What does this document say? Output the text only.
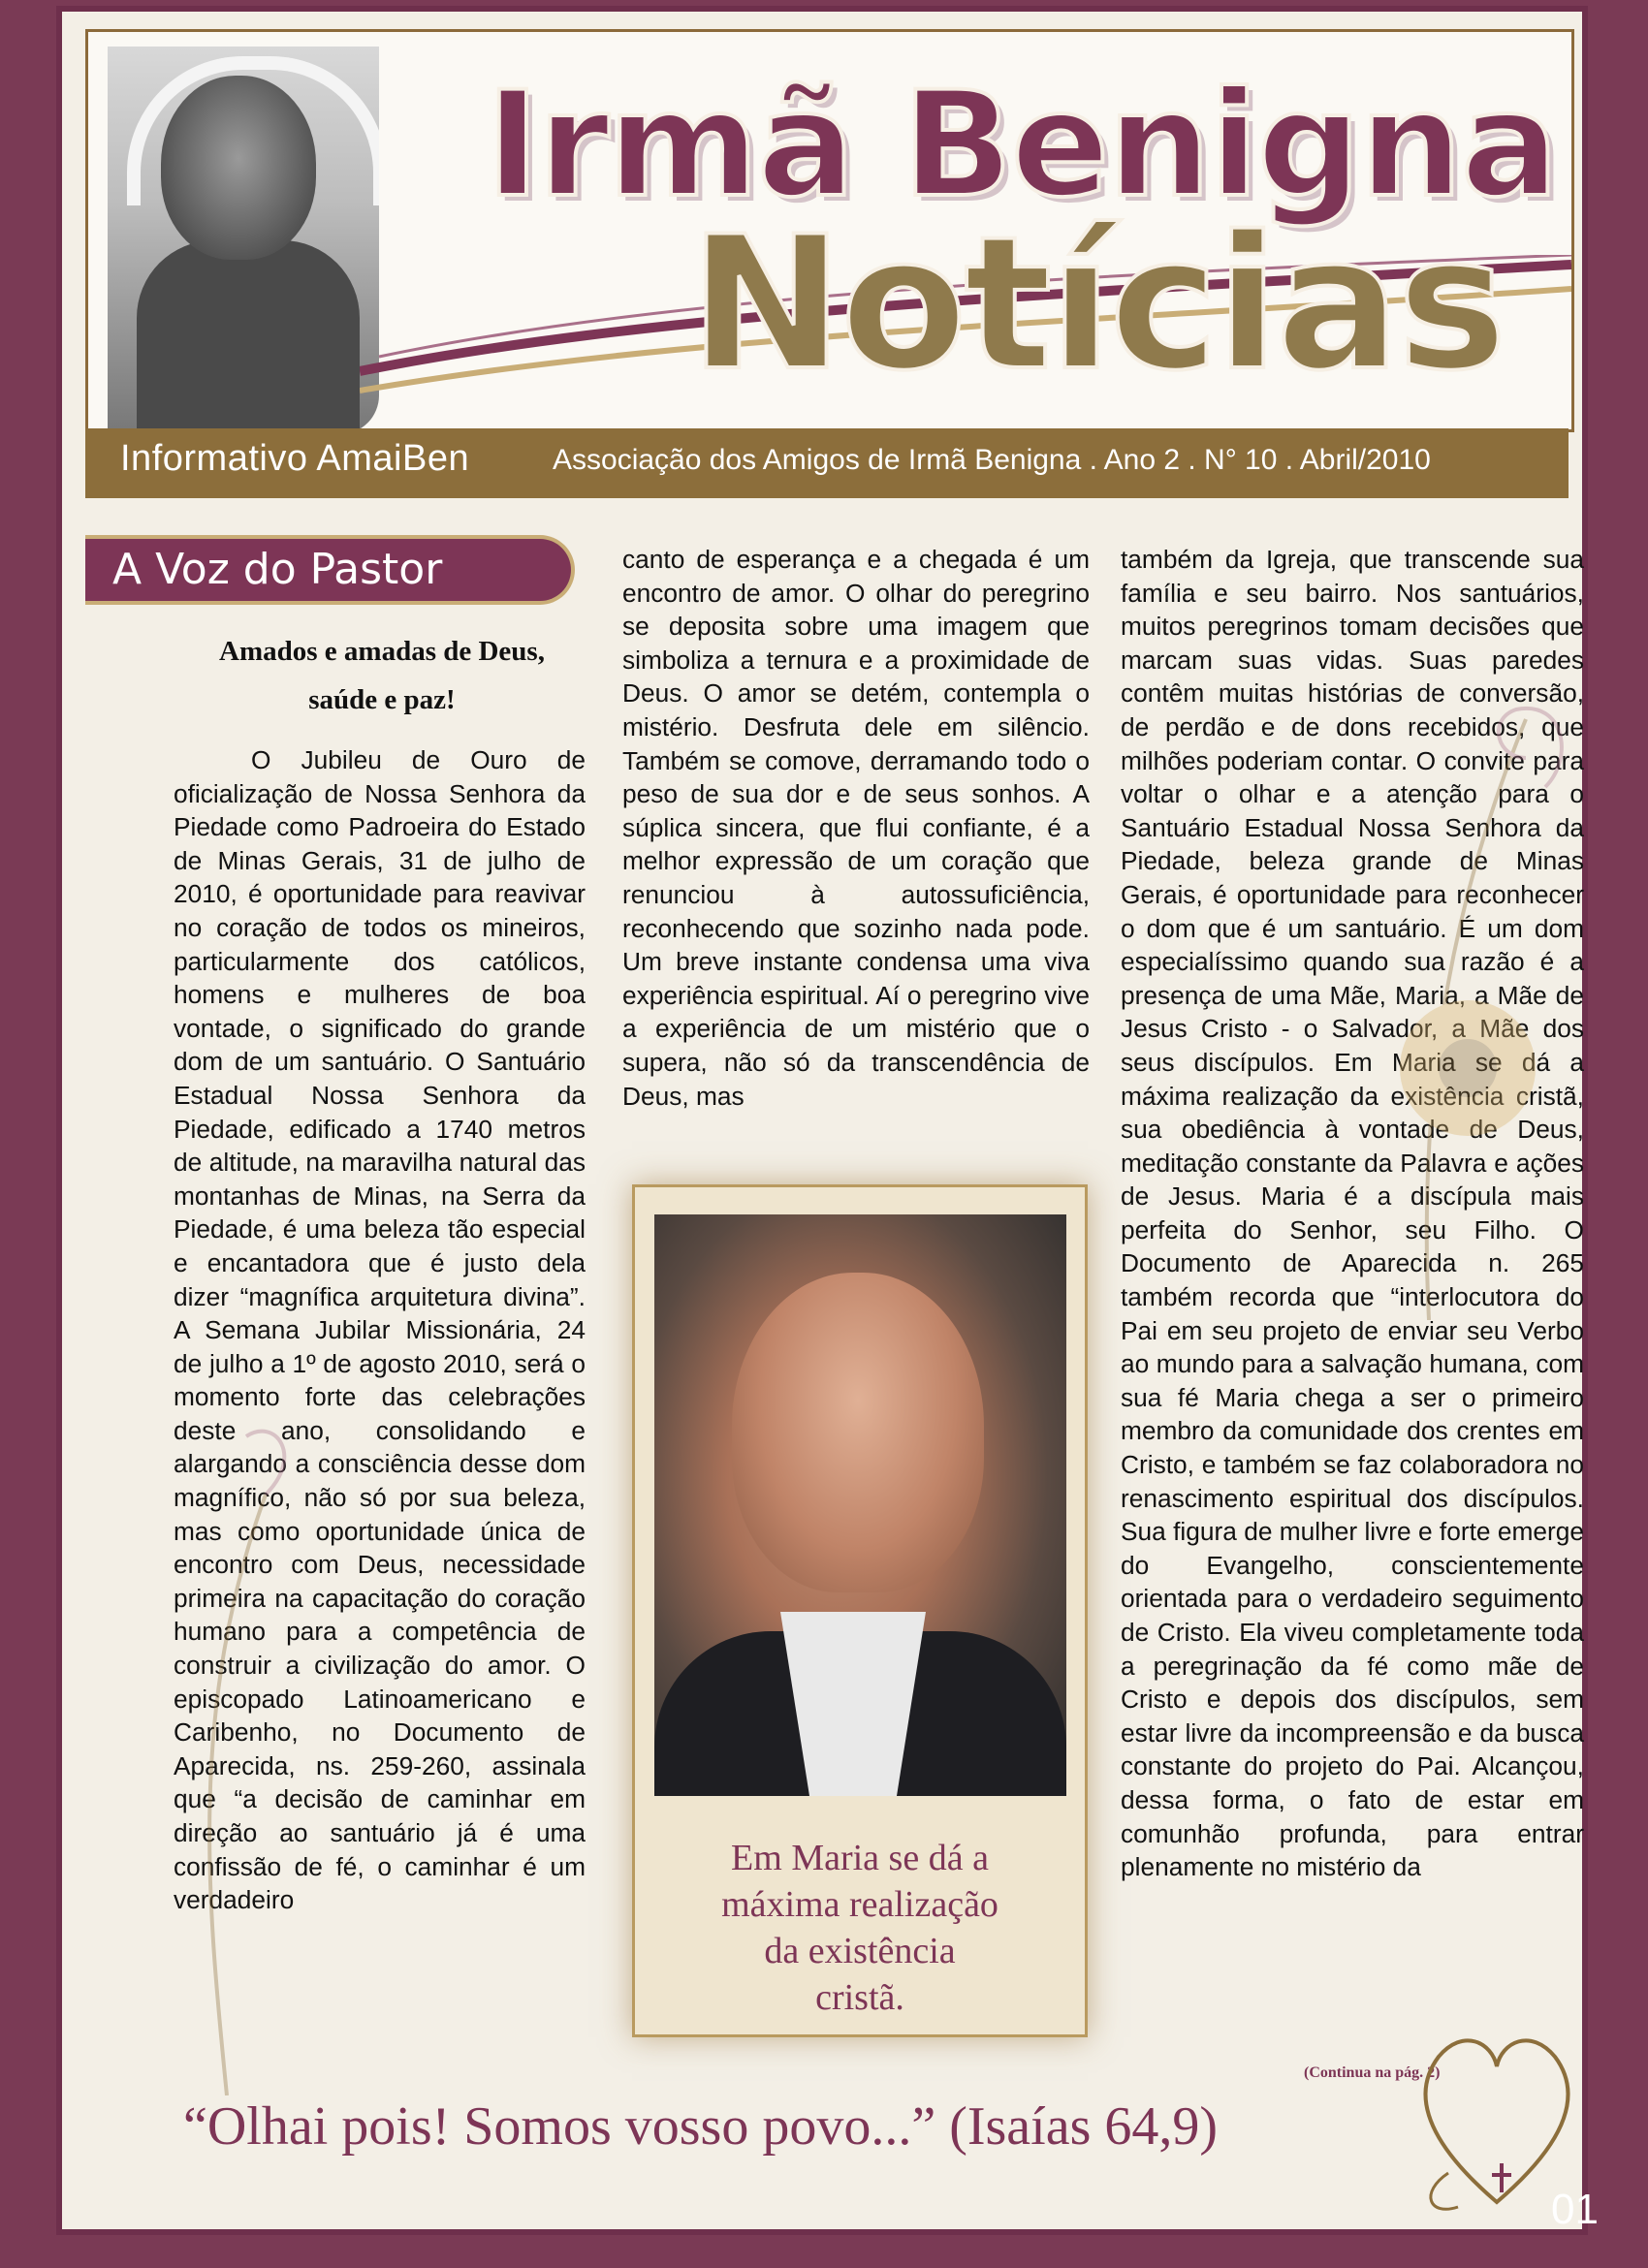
Irmã Benigna
Notícias
Informativo AmaiBen	Associação dos Amigos de Irmã Benigna . Ano 2 . N° 10 . Abril/2010
A Voz do Pastor
Amados e amadas de Deus,
saúde e paz!

O Jubileu de Ouro de oficialização de Nossa Senhora da Piedade como Padroeira do Estado de Minas Gerais, 31 de julho de 2010, é oportunidade para reavivar no coração de todos os mineiros, particularmente dos católicos, homens e mulheres de boa vontade, o significado do grande dom de um santuário. O Santuário Estadual Nossa Senhora da Piedade, edificado a 1740 metros de altitude, na maravilha natural das montanhas de Minas, na Serra da Piedade, é uma beleza tão especial e encantadora que é justo dela dizer “magnífica arquitetura divina”. A Semana Jubilar Missionária, 24 de julho a 1º de agosto 2010, será o momento forte das celebrações deste ano, consolidando e alargando a consciência desse dom magnífico, não só por sua beleza, mas como oportunidade única de encontro com Deus, necessidade primeira na capacitação do coração humano para a competência de construir a civilização do amor. O episcopado Latinoamericano e Caribenho, no Documento de Aparecida, ns. 259-260, assinala que “a decisão de caminhar em direção ao santuário já é uma confissão de fé, o caminhar é um verdadeiro

canto de esperança e a chegada é um encontro de amor. O olhar do peregrino se deposita sobre uma imagem que simboliza a ternura e a proximidade de Deus. O amor se detém, contempla o mistério. Desfruta dele em silêncio. Também se comove, derramando todo o peso de sua dor e de seus sonhos. A súplica sincera, que flui confiante, é a melhor expressão de um coração que renunciou à autossuficiência, reconhecendo que sozinho nada pode. Um breve instante condensa uma viva experiência espiritual. Aí o peregrino vive a experiência de um mistério que o supera, não só da transcendência de Deus, mas

também da Igreja, que transcende sua família e seu bairro. Nos santuários, muitos peregrinos tomam decisões que marcam suas vidas. Suas paredes contêm muitas histórias de conversão, de perdão e de dons recebidos, que milhões poderiam contar. O convite para voltar o olhar e a atenção para o Santuário Estadual Nossa Senhora da Piedade, beleza grande de Minas Gerais, é oportunidade para reconhecer o dom que é um santuário. É um dom especialíssimo quando sua razão é a presença de uma Mãe, Maria, a Mãe de Jesus Cristo - o Salvador, a Mãe dos seus discípulos. Em Maria se dá a máxima realização da existência cristã, sua obediência à vontade de Deus, meditação constante da Palavra e ações de Jesus. Maria é a discípula mais perfeita do Senhor, seu Filho. O Documento de Aparecida n. 265 também recorda que “interlocutora do Pai em seu projeto de enviar seu Verbo ao mundo para a salvação humana, com sua fé Maria chega a ser o primeiro membro da comunidade dos crentes em Cristo, e também se faz colaboradora no renascimento espiritual dos discípulos. Sua figura de mulher livre e forte emerge do Evangelho, conscientemente orientada para o verdadeiro seguimento de Cristo. Ela viveu completamente toda a peregrinação da fé como mãe de Cristo e depois dos discípulos, sem estar livre da incompreensão e da busca constante do projeto do Pai. Alcançou, dessa forma, o fato de estar em comunhão profunda, para entrar plenamente no mistério da

Em Maria se dá a
máxima realização
da existência
cristã.
(Continua na pág. 2)
“Olhai pois! Somos vosso povo...” (Isaías 64,9)
01
